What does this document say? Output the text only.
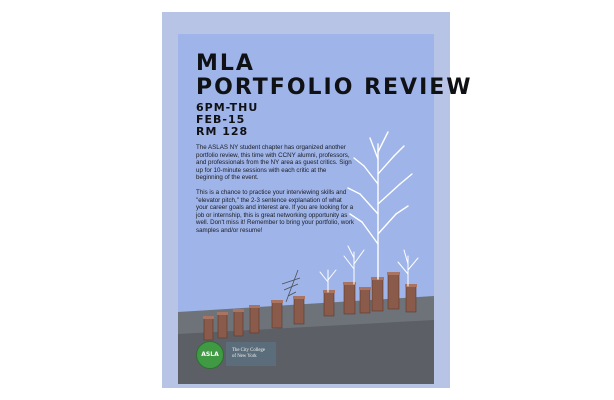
MLA
PORTFOLIO REVIEW
6PM-THU
FEB-15
RM 128

The ASLAS NY student chapter has organized another portfolio review, this time with CCNY alumni, professors, and professionals from the NY area as guest critics. Sign up for 10-minute sessions with each critic at the beginning of the event.

This is a chance to practice your interviewing skills and "elevator pitch," the 2-3 sentence explanation of what your career goals and interest are. If you are looking for a job or internship, this is great networking opportunity as well. Don't miss it! Remember to bring your portfolio, work samples and/or resume!

ASLA
The City College
of New York
